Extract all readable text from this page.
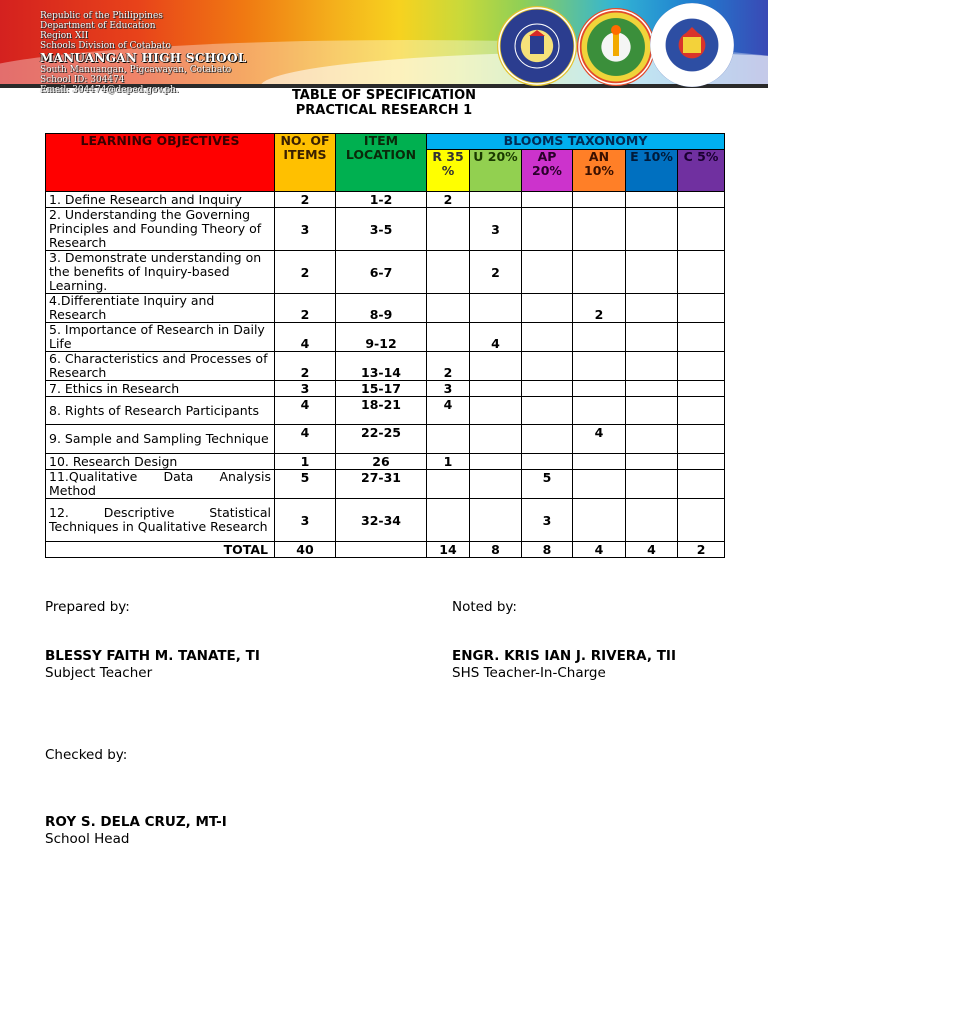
Republic of the Philippines
Department of Education
Region XII
Schools Division of Cotabato
MANUANGAN HIGH SCHOOL
South Manuangan, Pigcawayan, Cotabato
School ID: 304474
Email: 304474@deped.gov.ph.	TABLE OF SPECIFICATION
PRACTICAL RESEARCH 1
LEARNING OBJECTIVES	NO. OF ITEMS	ITEM LOCATION	BLOOMS TAXONOMY					
			R 35 %	U 20%	AP 20%	AN 10%	E 10%	C 5%
1. Define Research and Inquiry	2	1-2	2					
2. Understanding the Governing Principles and Founding Theory of Research	3	3-5		3				
3. Demonstrate understanding on the benefits of Inquiry-based Learning.	2	6-7		2				
4.Differentiate Inquiry and Research	2	8-9				2		
5. Importance of Research in Daily Life	4	9-12		4				
6. Characteristics and Processes of Research	2	13-14	2					
7. Ethics in Research	3	15-17	3					
8. Rights of Research Participants	4	18-21	4					
9. Sample and Sampling Technique	4	22-25				4		
10. Research Design	1	26	1					
11.Qualitative Data Analysis Method	5	27-31			5			
12. Descriptive Statistical Techniques in Qualitative Research	3	32-34			3			
TOTAL	40		14	8	8	4	4	2
Prepared by:	Noted by:
BLESSY FAITH M. TANATE, TI
Subject Teacher
ENGR. KRIS IAN J. RIVERA, TII
SHS Teacher-In-Charge
Checked by:
ROY S. DELA CRUZ, MT-I
School Head
